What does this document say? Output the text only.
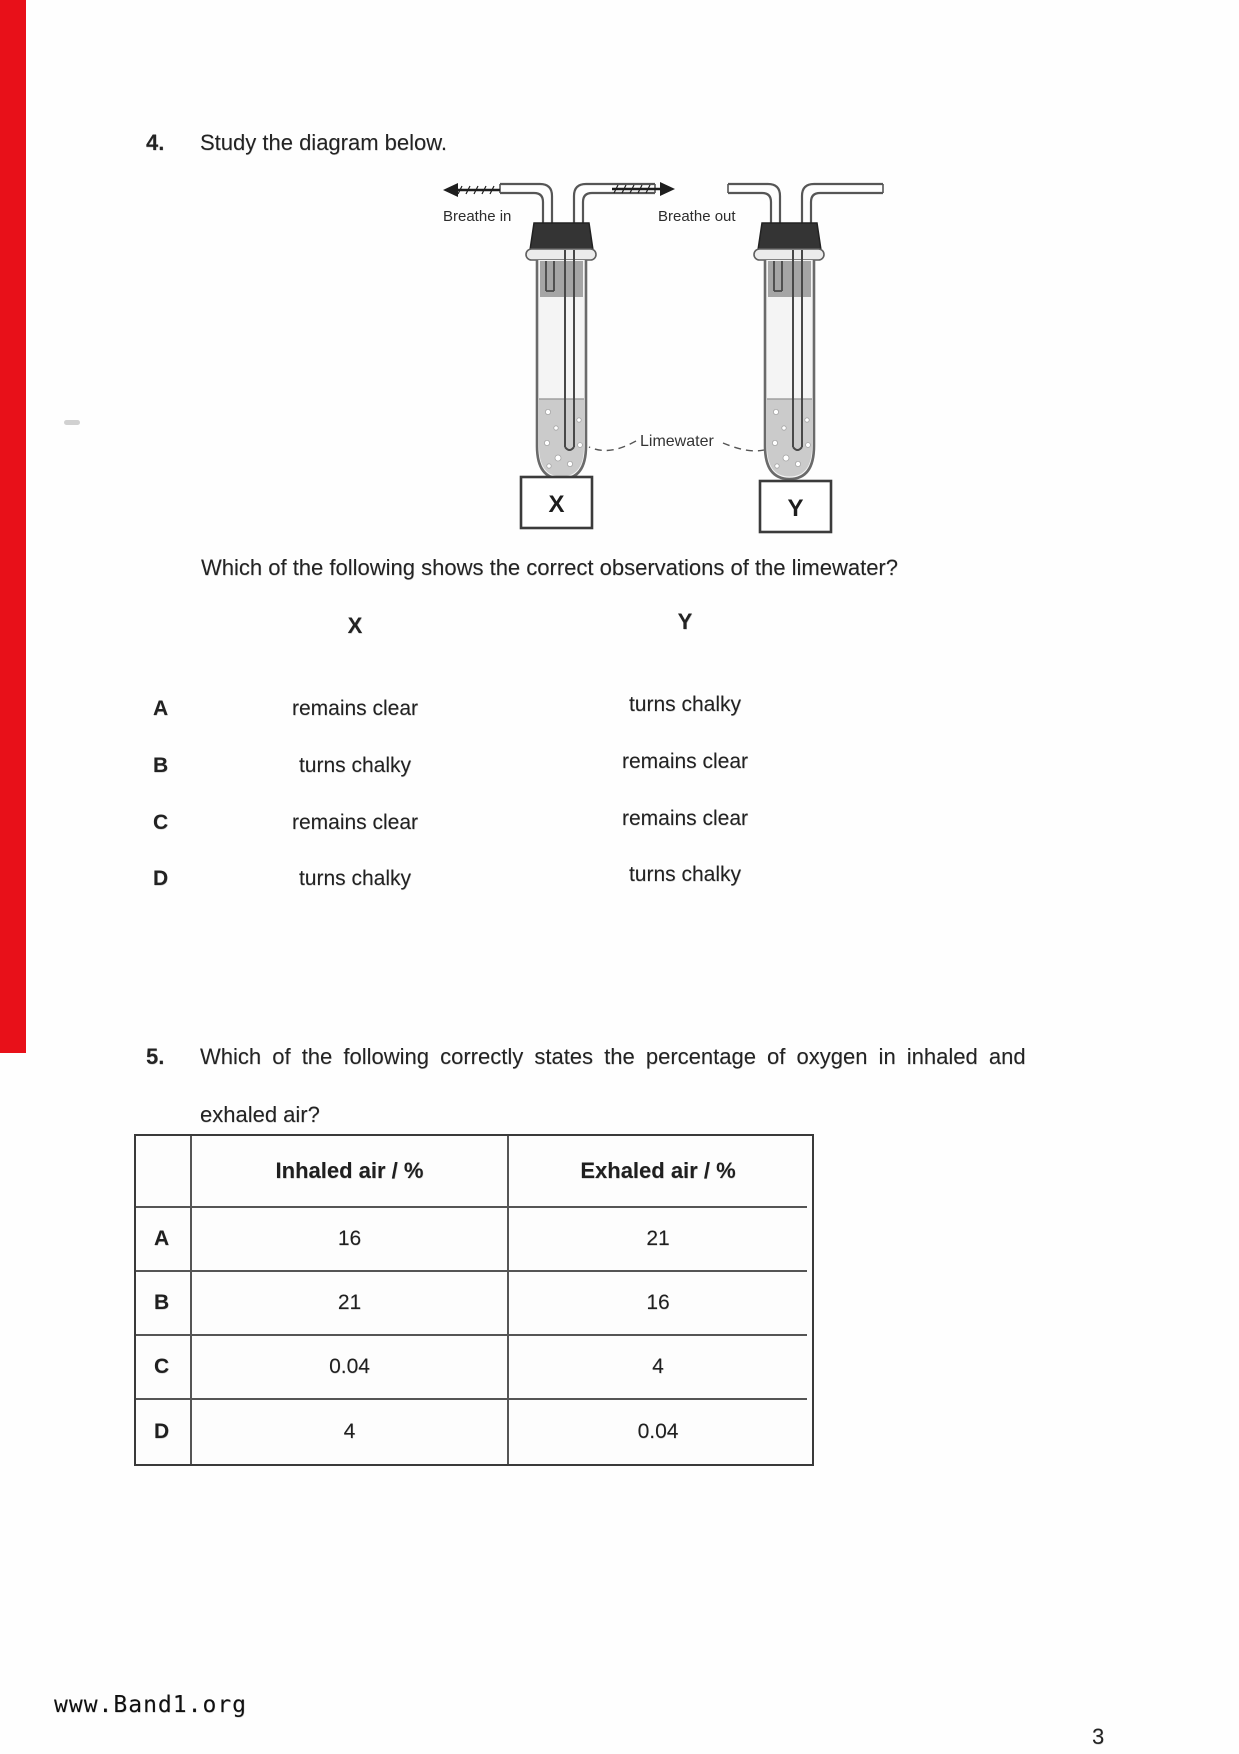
4. Study the diagram below.
Breathe in	Breathe out
Limewater
X	Y
Which of the following shows the correct observations of the limewater?
X	Y
A	remains clear	turns chalky
B	turns chalky	remains clear
C	remains clear	remains clear
D	turns chalky	turns chalky
5. Which of the following correctly states the percentage of oxygen in inhaled and
exhaled air?
Inhaled air / %	Exhaled air / %
A	16	21
B	21	16
C	0.04	4
D	4	0.04
www.Band1.org
3
